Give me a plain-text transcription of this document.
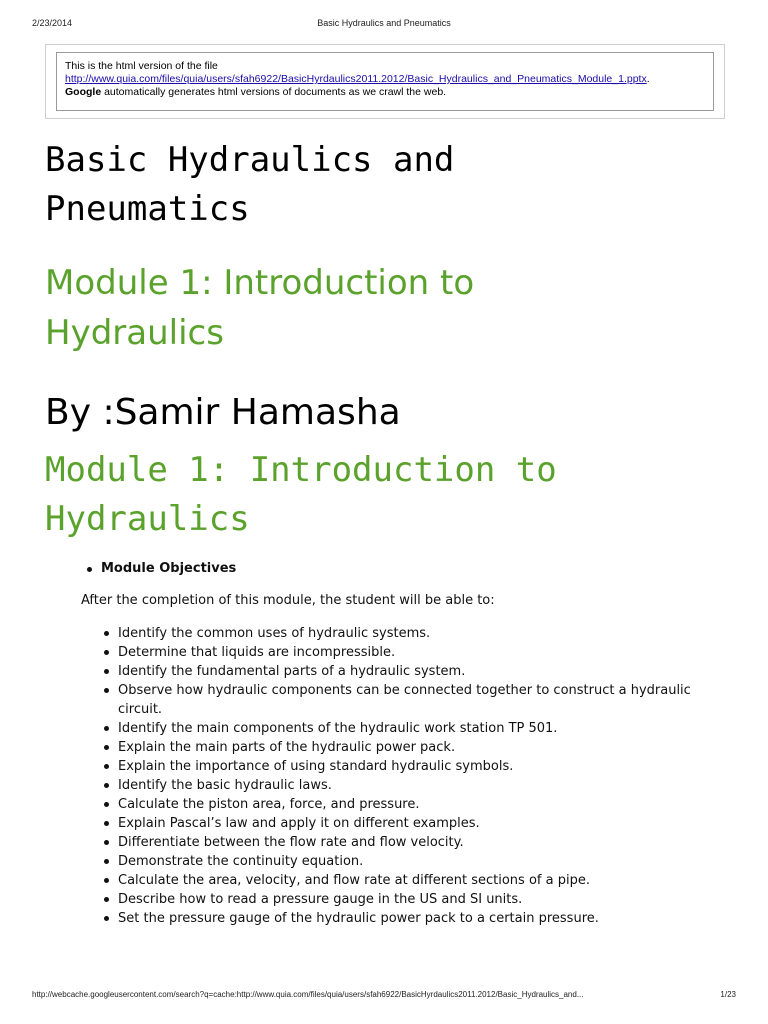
2/23/2014	Basic Hydraulics and Pneumatics
This is the html version of the file
http://www.quia.com/files/quia/users/sfah6922/BasicHyrdaulics2011.2012/Basic_Hydraulics_and_Pneumatics_Module_1.pptx.
Google automatically generates html versions of documents as we crawl the web.
Basic Hydraulics and
Pneumatics
Module 1: Introduction to
Hydraulics
By :Samir Hamasha
Module 1: Introduction to
Hydraulics
Module Objectives

After the completion of this module, the student will be able to:

Identify the common uses of hydraulic systems.
Determine that liquids are incompressible.
Identify the fundamental parts of a hydraulic system.
Observe how hydraulic components can be connected together to construct a hydraulic circuit.
Identify the main components of the hydraulic work station TP 501.
Explain the main parts of the hydraulic power pack.
Explain the importance of using standard hydraulic symbols.
Identify the basic hydraulic laws.
Calculate the piston area, force, and pressure.
Explain Pascal’s law and apply it on different examples.
Differentiate between the flow rate and flow velocity.
Demonstrate the continuity equation.
Calculate the area, velocity, and flow rate at different sections of a pipe.
Describe how to read a pressure gauge in the US and SI units.
Set the pressure gauge of the hydraulic power pack to a certain pressure.
http://webcache.googleusercontent.com/search?q=cache:http://www.quia.com/files/quia/users/sfah6922/BasicHyrdaulics2011.2012/Basic_Hydraulics_and...	1/23
